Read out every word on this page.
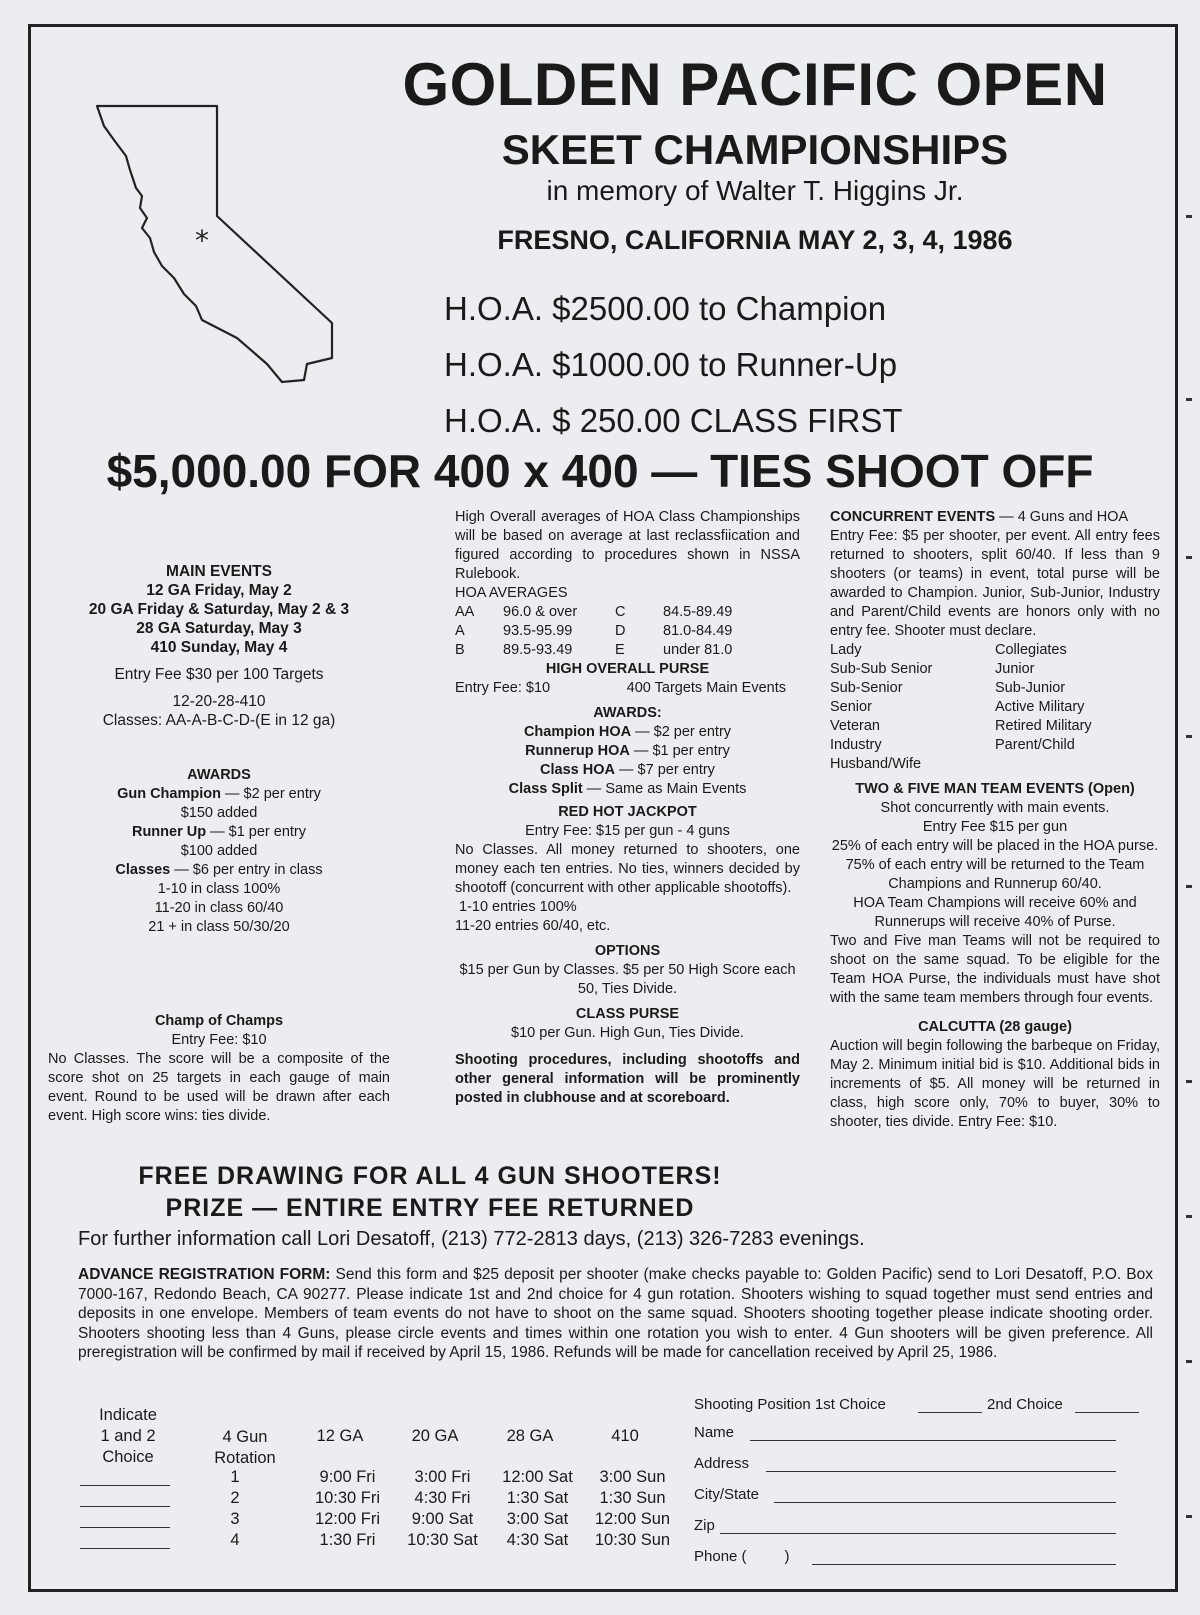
*
GOLDEN PACIFIC OPEN
SKEET CHAMPIONSHIPS
in memory of Walter T. Higgins Jr.
FRESNO, CALIFORNIA MAY 2, 3, 4, 1986
H.O.A. $2500.00 to Champion
H.O.A. $1000.00 to Runner-Up
H.O.A. $ 250.00 CLASS FIRST
$5,000.00 FOR 400 x 400 — TIES SHOOT OFF
MAIN EVENTS
12 GA Friday, May 2
20 GA Friday & Saturday, May 2 & 3
28 GA Saturday, May 3
410 Sunday, May 4
Entry Fee $30 per 100 Targets
12-20-28-410
Classes: AA-A-B-C-D-(E in 12 ga)
AWARDS
Gun Champion — $2 per entry
$150 added
Runner Up — $1 per entry
$100 added
Classes — $6 per entry in class
1-10 in class 100%
11-20 in class 60/40
21 + in class 50/30/20
Champ of Champs
Entry Fee: $10
No Classes. The score will be a composite of the score shot on 25 targets in each gauge of main event. Round to be used will be drawn after each event. High score wins: ties divide.
High Overall averages of HOA Class Championships will be based on average at last reclassfiication and figured according to procedures shown in NSSA Rulebook.
HOA AVERAGES
AA	96.0 & over	C	84.5-89.49
A	93.5-95.99	D	81.0-84.49
B	89.5-93.49	E	under 81.0
HIGH OVERALL PURSE
Entry Fee: $10	400 Targets Main Events
AWARDS:
Champion HOA — $2 per entry
Runnerup HOA — $1 per entry
Class HOA — $7 per entry
Class Split — Same as Main Events
RED HOT JACKPOT
Entry Fee: $15 per gun - 4 guns
No Classes. All money returned to shooters, one money each ten entries. No ties, winners decided by shootoff (concurrent with other applicable shootoffs).
1-10 entries 100%
11-20 entries 60/40, etc.
OPTIONS
$15 per Gun by Classes. $5 per 50 High Score each 50, Ties Divide.
CLASS PURSE
$10 per Gun. High Gun, Ties Divide.
Shooting procedures, including shootoffs and other general information will be prominently posted in clubhouse and at scoreboard.
CONCURRENT EVENTS — 4 Guns and HOA
Entry Fee: $5 per shooter, per event. All entry fees returned to shooters, split 60/40. If less than 9 shooters (or teams) in event, total purse will be awarded to Champion. Junior, Sub-Junior, Industry and Parent/Child events are honors only with no entry fee. Shooter must declare.
Lady	Collegiates
Sub-Sub Senior	Junior
Sub-Senior	Sub-Junior
Senior	Active Military
Veteran	Retired Military
Industry	Parent/Child
Husband/Wife
TWO & FIVE MAN TEAM EVENTS (Open)
Shot concurrently with main events.
Entry Fee $15 per gun
25% of each entry will be placed in the HOA purse.
75% of each entry will be returned to the Team Champions and Runnerup 60/40.
HOA Team Champions will receive 60% and Runnerups will receive 40% of Purse.
Two and Five man Teams will not be required to shoot on the same squad. To be eligible for the Team HOA Purse, the individuals must have shot with the same team members through four events.
CALCUTTA (28 gauge)
Auction will begin following the barbeque on Friday, May 2. Minimum initial bid is $10. Additional bids in increments of $5. All money will be returned in class, high score only, 70% to buyer, 30% to shooter, ties divide. Entry Fee: $10.
FREE DRAWING FOR ALL 4 GUN SHOOTERS!
PRIZE — ENTIRE ENTRY FEE RETURNED
For further information call Lori Desatoff, (213) 772-2813 days, (213) 326-7283 evenings.
ADVANCE REGISTRATION FORM: Send this form and $25 deposit per shooter (make checks payable to: Golden Pacific) send to Lori Desatoff, P.O. Box 7000-167, Redondo Beach, CA 90277. Please indicate 1st and 2nd choice for 4 gun rotation. Shooters wishing to squad together must send entries and deposits in one envelope. Members of team events do not have to shoot on the same squad. Shooters shooting together please indicate shooting order. Shooters shooting less than 4 Guns, please circle events and times within one rotation you wish to enter. 4 Gun shooters will be given preference. All preregistration will be confirmed by mail if received by April 15, 1986. Refunds will be made for cancellation received by April 25, 1986.
Indicate
1 and 2
Choice
4 Gun
Rotation
12 GA	20 GA	28 GA	410
1	9:00 Fri	3:00 Fri	12:00 Sat	3:00 Sun
2	10:30 Fri	4:30 Fri	1:30 Sat	1:30 Sun
3	12:00 Fri	9:00 Sat	3:00 Sat	12:00 Sun
4	1:30 Fri	10:30 Sat	4:30 Sat	10:30 Sun
Shooting Position 1st Choice	2nd Choice
Name
Address
City/State
Zip
Phone (	)
